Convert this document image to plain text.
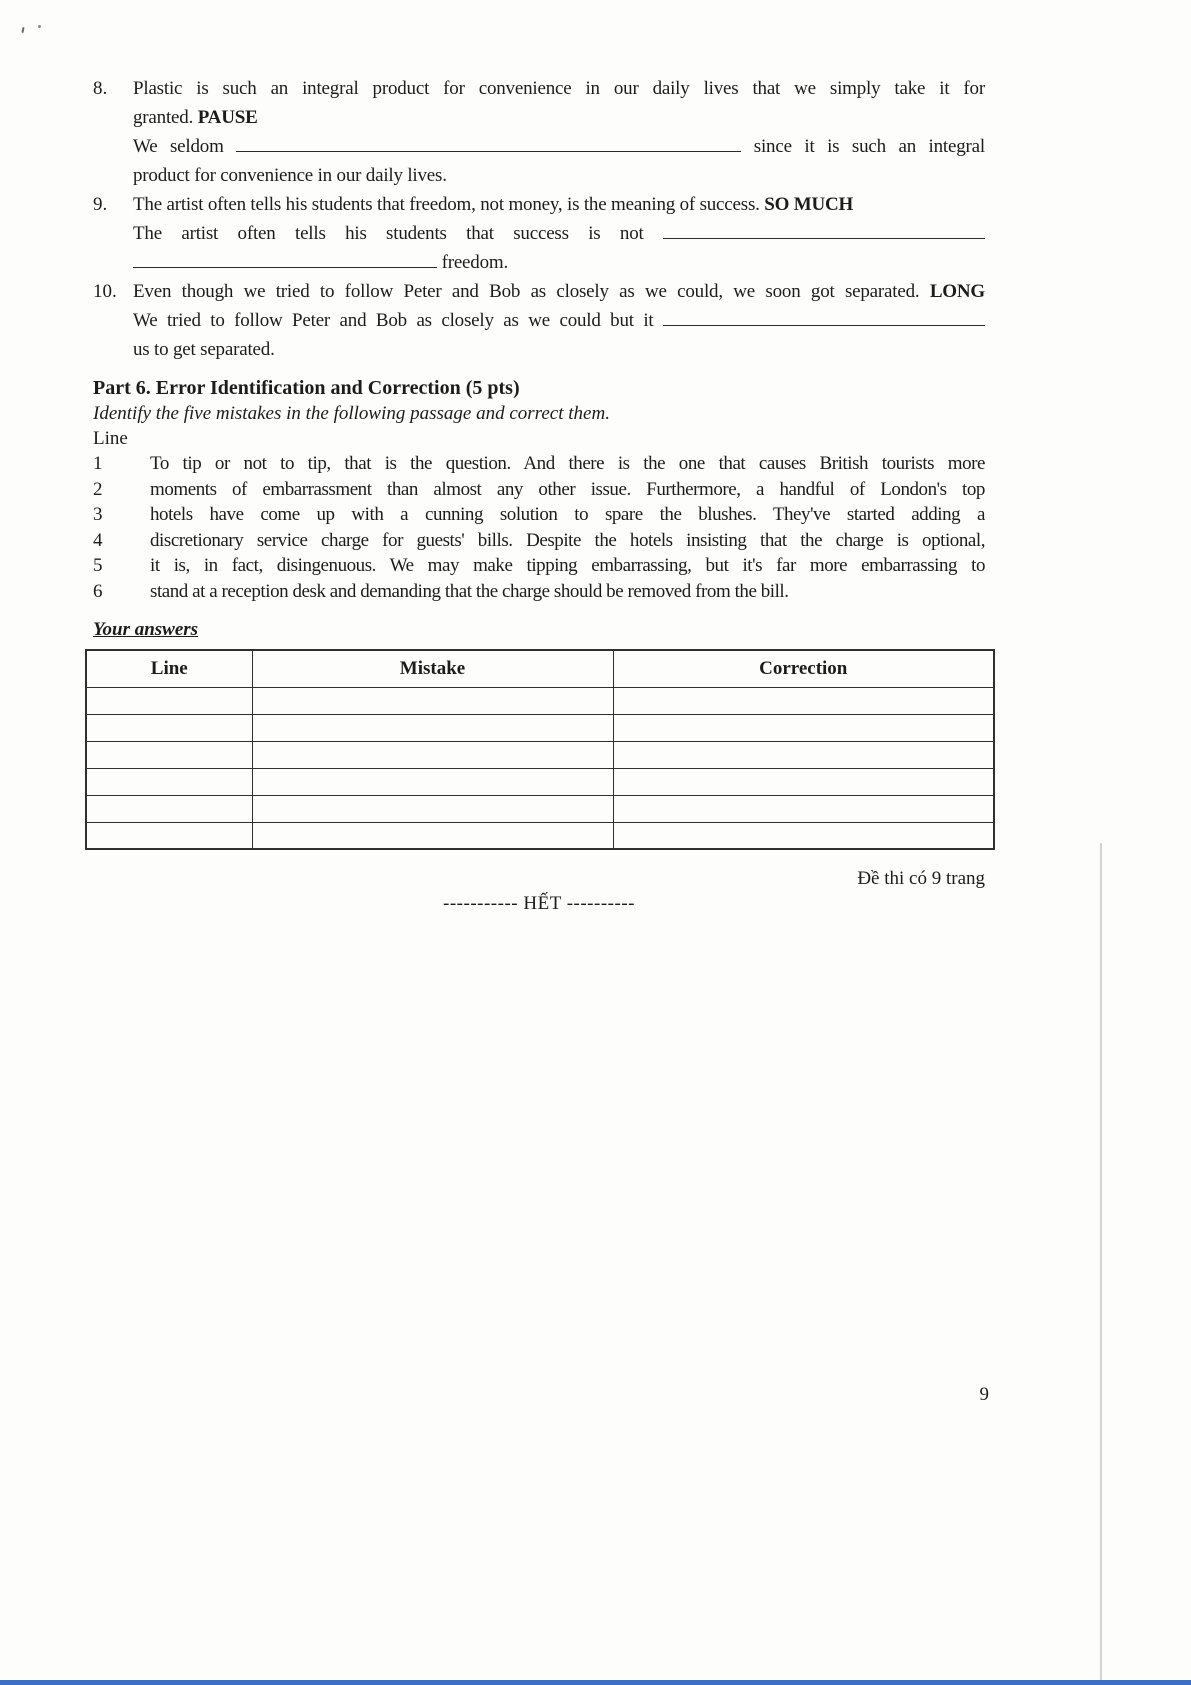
8.	Plastic is such an integral product for convenience in our daily lives that we simply take it for
granted. PAUSE
We seldom	since it is such an integral
product for convenience in our daily lives.
9.	The artist often tells his students that freedom, not money, is the meaning of success. SO MUCH
The artist often tells his students that success is not
freedom.
10. Even though we tried to follow Peter and Bob as closely as we could, we soon got separated. LONG
We tried to follow Peter and Bob as closely as we could but it
us to get separated.
Part 6. Error Identification and Correction (5 pts)
Identify the five mistakes in the following passage and correct them.
Line
1	To tip or not to tip, that is the question. And there is the one that causes British tourists more
2	moments of embarrassment than almost any other issue. Furthermore, a handful of London's top
3	hotels have come up with a cunning solution to spare the blushes. They've started adding a
4	discretionary service charge for guests' bills. Despite the hotels insisting that the charge is optional,
5	it is, in fact, disingenuous. We may make tipping embarrassing, but it's far more embarrassing to
6	stand at a reception desk and demanding that the charge should be removed from the bill.
Your answers
Line	Mistake	Correction

Đề thi có 9 trang
----------- HẾT ----------
9
